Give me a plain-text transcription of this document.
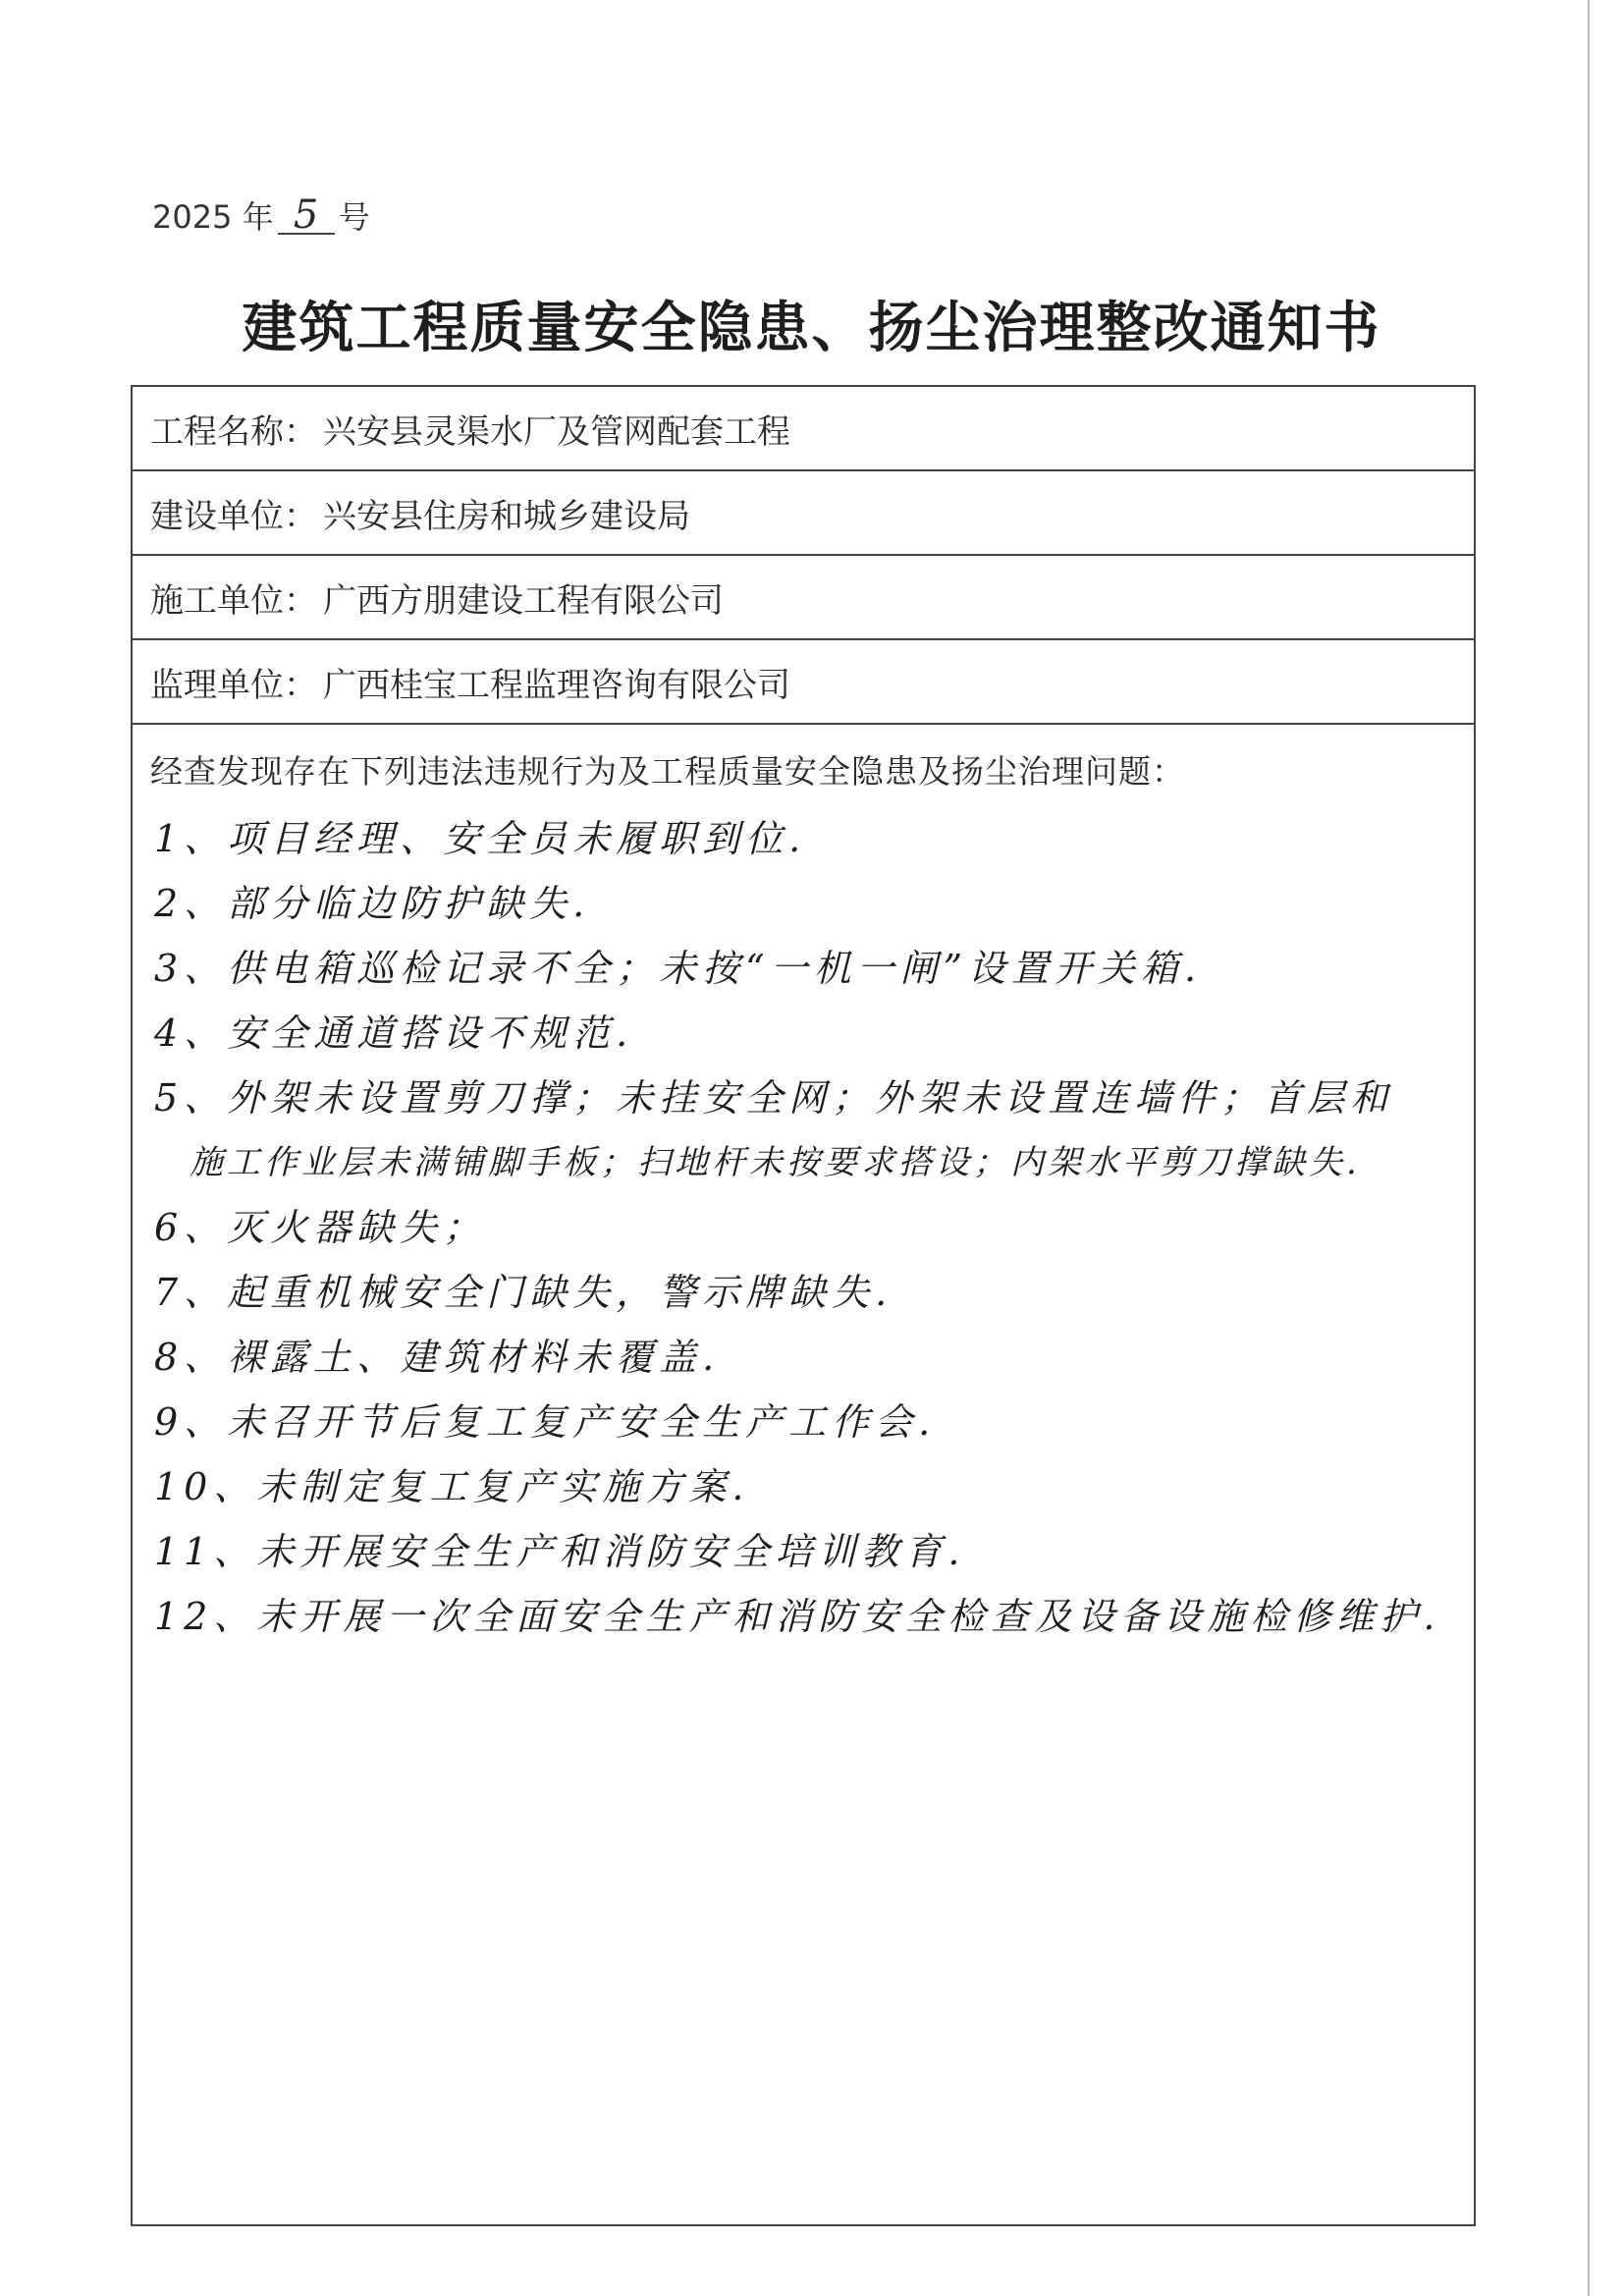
2025 年 5 号
建筑工程质量安全隐患、扬尘治理整改通知书
工程名称 ： 兴安县灵渠水厂及管网配套工程
建设单位 ： 兴安县住房和城乡建设局
施工单位 ： 广西方朋建设工程有限公司
监理单位 ： 广西桂宝工程监理咨询有限公司
经查发现存在下列违法违规行为及工程质量安全隐患及扬尘治理问题：
1、项目经理、安全员未履职到位.
2、部分临边防护缺失.
3、供电箱巡检记录不全；未按“一机一闸”设置开关箱.
4、安全通道搭设不规范.
5、外架未设置剪刀撑；未挂安全网；外架未设置连墙件；首层和
施工作业层未满铺脚手板；扫地杆未按要求搭设；内架水平剪刀撑缺失.
6、灭火器缺失；
7、起重机械安全门缺失，警示牌缺失.
8、裸露土、建筑材料未覆盖.
9、未召开节后复工复产安全生产工作会.
10、未制定复工复产实施方案.
11、未开展安全生产和消防安全培训教育.
12、未开展一次全面安全生产和消防安全检查及设备设施检修维护.
